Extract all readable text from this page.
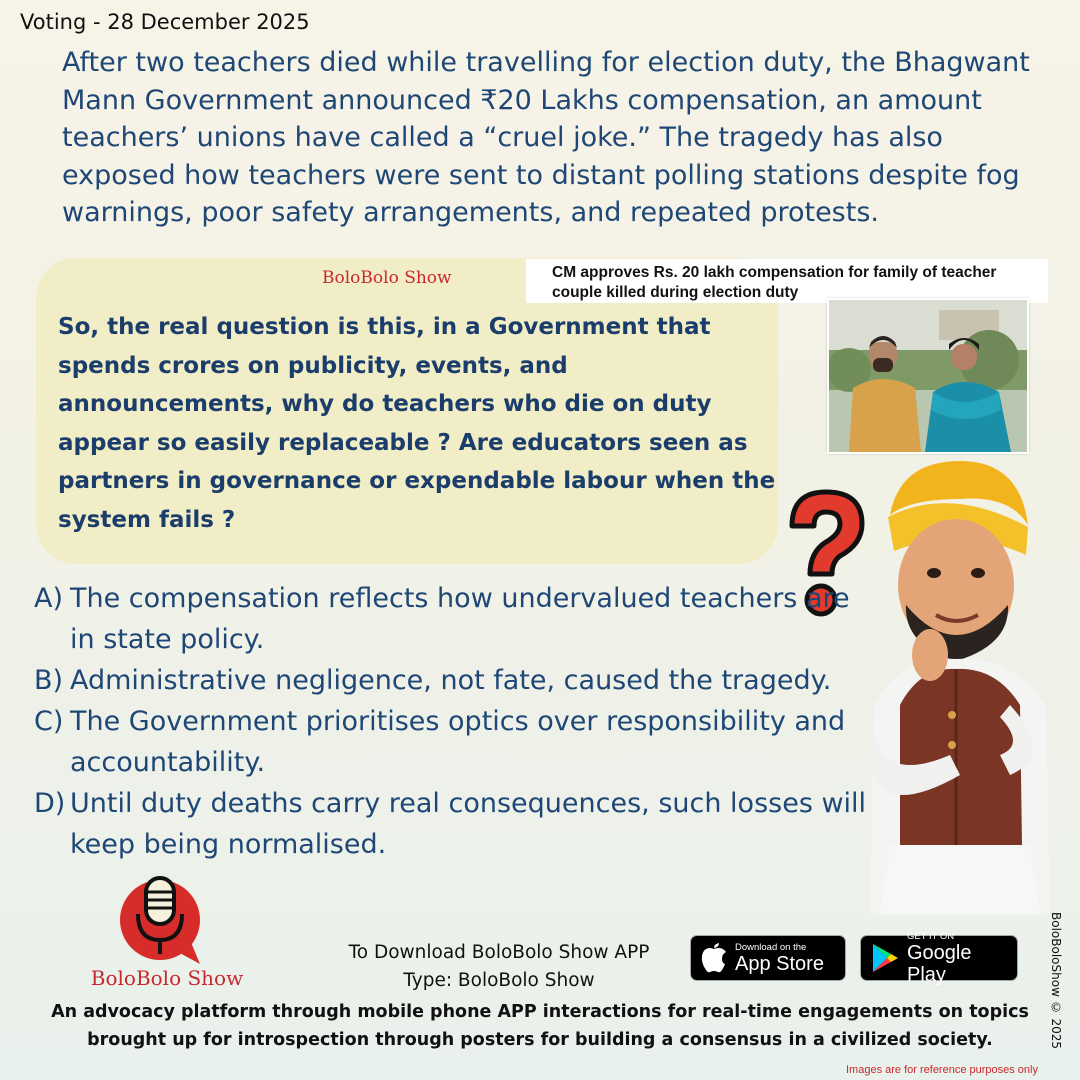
Voting - 28 December 2025
After two teachers died while travelling for election duty, the Bhagwant Mann Government announced ₹20 Lakhs compensation, an amount teachers’ unions have called a “cruel joke.” The tragedy has also exposed how teachers were sent to distant polling stations despite fog warnings, poor safety arrangements, and repeated protests.
BoloBolo Show
So, the real question is this, in a Government that spends crores on publicity, events, and announcements, why do teachers who die on duty appear so easily replaceable ? Are educators seen as partners in governance or expendable labour when the system fails ?
CM approves Rs. 20 lakh compensation for family of teacher couple killed during election duty
A) The compensation reflects how undervalued teachers are in state policy.
B) Administrative negligence, not fate, caused the tragedy.
C) The Government prioritises optics over responsibility and accountability.
D) Until duty deaths carry real consequences, such losses will keep being normalised.
BoloBolo Show
To Download BoloBolo Show APP
Type: BoloBolo Show
Download on the
App Store
GET IT ON
Google Play
An advocacy platform through mobile phone APP interactions for real-time engagements on topics brought up for introspection through posters for building a consensus in a civilized society.	BoloBoloShow © 2025
Images are for reference purposes only
